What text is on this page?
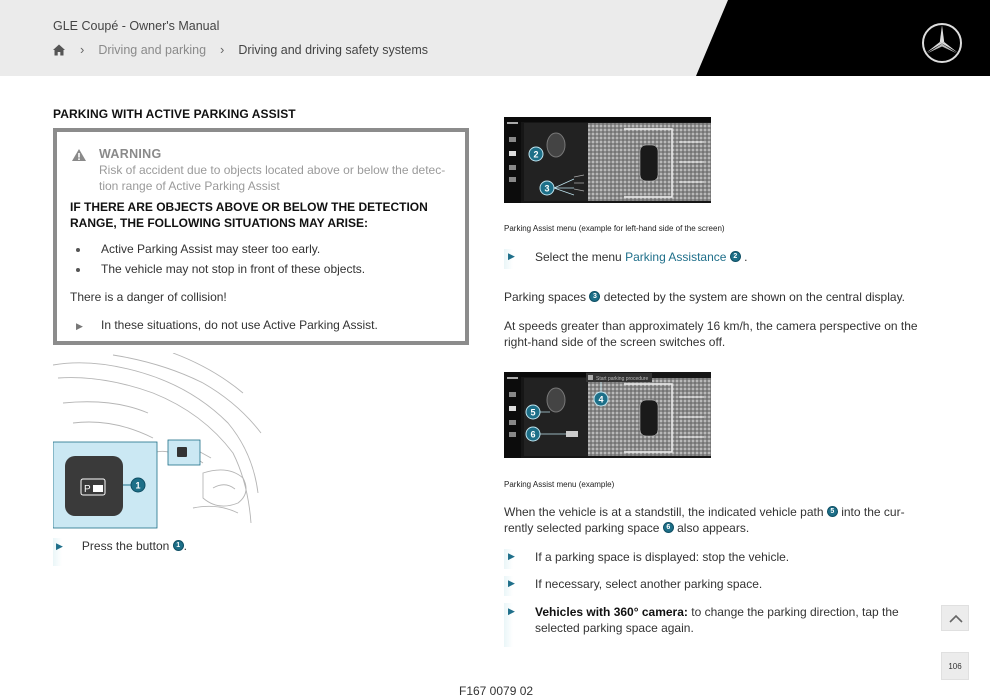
GLE Coupé - Owner's Manual
› Driving and parking › Driving and driving safety systems
PARKING WITH ACTIVE PARKING ASSIST
WARNING
Risk of accident due to objects located above or below the detec-tion range of Active Parking Assist
IF THERE ARE OBJECTS ABOVE OR BELOW THE DETECTION RANGE, THE FOLLOWING SITUATIONS MAY ARISE:
Active Parking Assist may steer too early.
The vehicle may not stop in front of these objects.
There is a danger of collision!
▶ In these situations, do not use Active Parking Assist.
P	1
▶ Press the button 1 .
2
3
Parking Assist menu (example for left-hand side of the screen)
▶ Select the menu Parking Assistance 2 .
Parking spaces 3 detected by the system are shown on the central display.
At speeds greater than approximately 16 km/h, the camera perspective on the right-hand side of the screen switches off.
Start parking procedure
4
5
6
Parking Assist menu (example)
When the vehicle is at a standstill, the indicated vehicle path 5 into the cur-rently selected parking space 6 also appears.
▶ If a parking space is displayed: stop the vehicle.
▶ If necessary, select another parking space.
▶ Vehicles with 360° camera: to change the parking direction, tap the selected parking space again.
F167 0079 02
106
